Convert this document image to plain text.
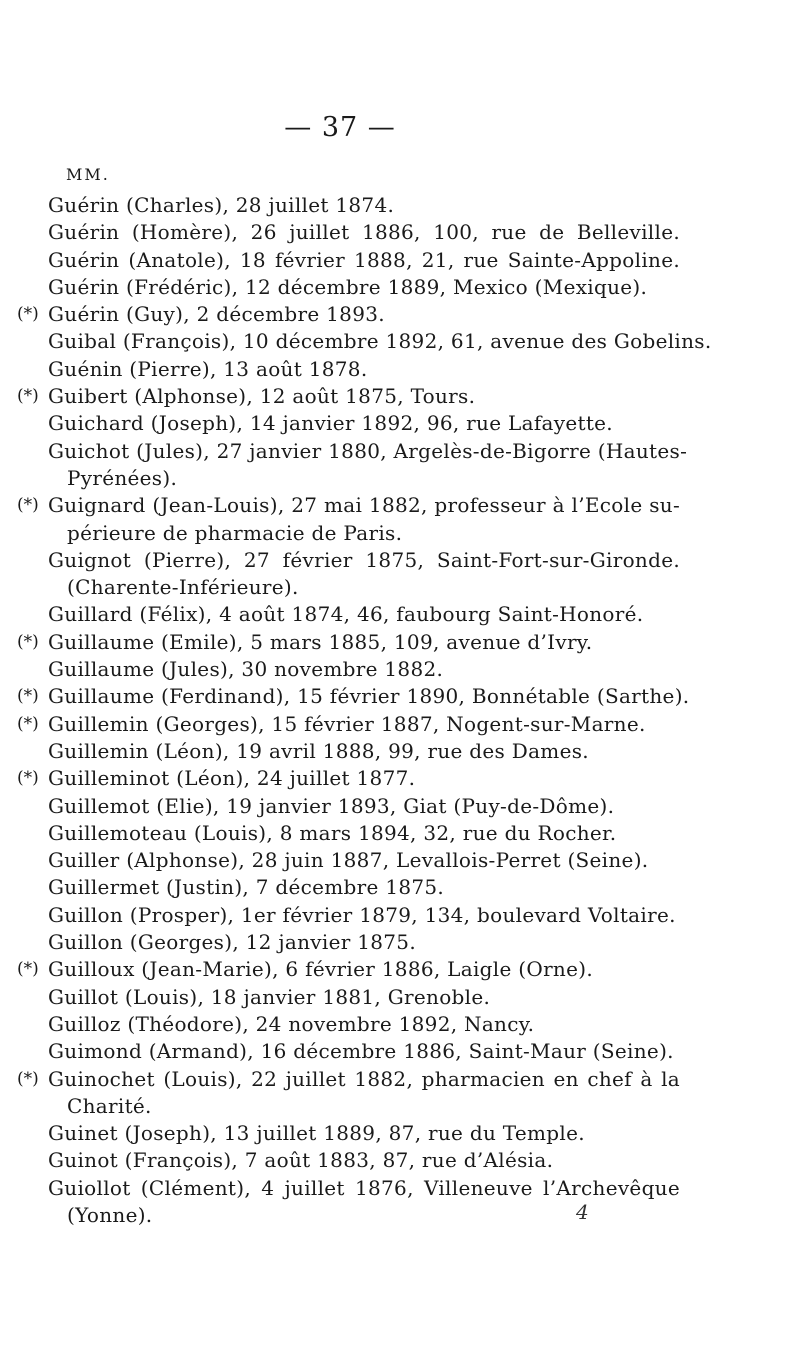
— 37 —
MM.
Guérin (Charles), 28 juillet 1874.
Guérin (Homère), 26 juillet 1886, 100, rue de Belleville.
Guérin (Anatole), 18 février 1888, 21, rue Sainte-Appoline.
Guérin (Frédéric), 12 décembre 1889, Mexico (Mexique).
(*) Guérin (Guy), 2 décembre 1893.
Guibal (François), 10 décembre 1892, 61, avenue des Gobelins.
Guénin (Pierre), 13 août 1878.
(*) Guibert (Alphonse), 12 août 1875, Tours.
Guichard (Joseph), 14 janvier 1892, 96, rue Lafayette.
Guichot (Jules), 27 janvier 1880, Argelès-de-Bigorre (Hautes-
Pyrénées).
(*) Guignard (Jean-Louis), 27 mai 1882, professeur à l’Ecole su-
périeure de pharmacie de Paris.
Guignot (Pierre), 27 février 1875, Saint-Fort-sur-Gironde.
(Charente-Inférieure).
Guillard (Félix), 4 août 1874, 46, faubourg Saint-Honoré.
(*) Guillaume (Emile), 5 mars 1885, 109, avenue d’Ivry.
Guillaume (Jules), 30 novembre 1882.
(*) Guillaume (Ferdinand), 15 février 1890, Bonnétable (Sarthe).
(*) Guillemin (Georges), 15 février 1887, Nogent-sur-Marne.
Guillemin (Léon), 19 avril 1888, 99, rue des Dames.
(*) Guilleminot (Léon), 24 juillet 1877.
Guillemot (Elie), 19 janvier 1893, Giat (Puy-de-Dôme).
Guillemoteau (Louis), 8 mars 1894, 32, rue du Rocher.
Guiller (Alphonse), 28 juin 1887, Levallois-Perret (Seine).
Guillermet (Justin), 7 décembre 1875.
Guillon (Prosper), 1er février 1879, 134, boulevard Voltaire.
Guillon (Georges), 12 janvier 1875.
(*) Guilloux (Jean-Marie), 6 février 1886, Laigle (Orne).
Guillot (Louis), 18 janvier 1881, Grenoble.
Guilloz (Théodore), 24 novembre 1892, Nancy.
Guimond (Armand), 16 décembre 1886, Saint-Maur (Seine).
(*) Guinochet (Louis), 22 juillet 1882, pharmacien en chef à la
Charité.
Guinet (Joseph), 13 juillet 1889, 87, rue du Temple.
Guinot (François), 7 août 1883, 87, rue d’Alésia.
Guiollot (Clément), 4 juillet 1876, Villeneuve l’Archevêque
(Yonne).	4
